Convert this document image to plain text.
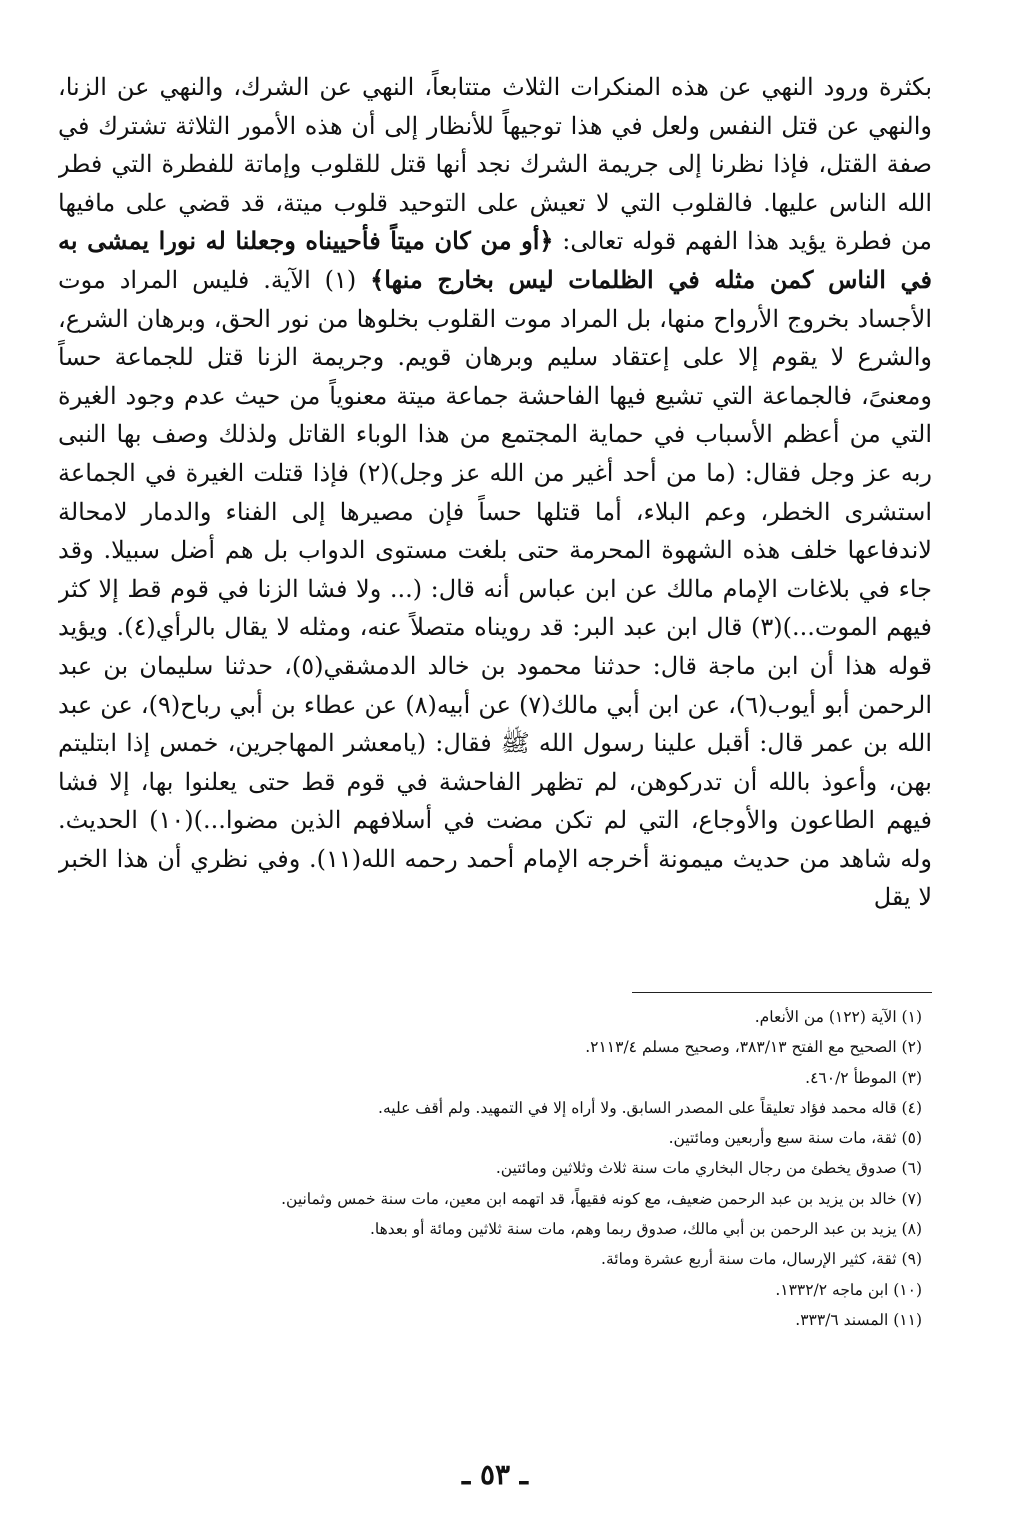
بكثرة ورود النهي عن هذه المنكرات الثلاث متتابعاً، النهي عن الشرك، والنهي عن الزنا، والنهي عن قتل النفس ولعل في هذا توجيهاً للأنظار إلى أن هذه الأمور الثلاثة تشترك في صفة القتل، فإذا نظرنا إلى جريمة الشرك نجد أنها قتل للقلوب وإماتة للفطرة التي فطر الله الناس عليها. فالقلوب التي لا تعيش على التوحيد قلوب ميتة، قد قضي على مافيها من فطرة يؤيد هذا الفهم قوله تعالى: ﴿أو من كان ميتاً فأحييناه وجعلنا له نورا يمشى به في الناس كمن مثله في الظلمات ليس بخارج منها﴾ (١) الآية. فليس المراد موت الأجساد بخروج الأرواح منها، بل المراد موت القلوب بخلوها من نور الحق، وبرهان الشرع، والشرع لا يقوم إلا على إعتقاد سليم وبرهان قويم. وجريمة الزنا قتل للجماعة حساً ومعنىً، فالجماعة التي تشيع فيها الفاحشة جماعة ميتة معنوياً من حيث عدم وجود الغيرة التي من أعظم الأسباب في حماية المجتمع من هذا الوباء القاتل ولذلك وصف بها النبى ربه عز وجل فقال: (ما من أحد أغير من الله عز وجل)(٢) فإذا قتلت الغيرة في الجماعة استشرى الخطر، وعم البلاء، أما قتلها حساً فإن مصيرها إلى الفناء والدمار لامحالة لاندفاعها خلف هذه الشهوة المحرمة حتى بلغت مستوى الدواب بل هم أضل سبيلا. وقد جاء في بلاغات الإمام مالك عن ابن عباس أنه قال: (... ولا فشا الزنا في قوم قط إلا كثر فيهم الموت...)(٣) قال ابن عبد البر: قد رويناه متصلاً عنه، ومثله لا يقال بالرأي(٤). ويؤيد قوله هذا أن ابن ماجة قال: حدثنا محمود بن خالد الدمشقي(٥)، حدثنا سليمان بن عبد الرحمن أبو أيوب(٦)، عن ابن أبي مالك(٧) عن أبيه(٨) عن عطاء بن أبي رباح(٩)، عن عبد الله بن عمر قال: أقبل علينا رسول الله ﷺ فقال: (يامعشر المهاجرين، خمس إذا ابتليتم بهن، وأعوذ بالله أن تدركوهن، لم تظهر الفاحشة في قوم قط حتى يعلنوا بها، إلا فشا فيهم الطاعون والأوجاع، التي لم تكن مضت في أسلافهم الذين مضوا...)(١٠) الحديث. وله شاهد من حديث ميمونة أخرجه الإمام أحمد رحمه الله(١١). وفي نظري أن هذا الخبر لا يقل

(١) الآية (١٢٢) من الأنعام.
(٢) الصحيح مع الفتح ٣٨٣/١٣، وصحيح مسلم ٢١١٣/٤.
(٣) الموطأ ٤٦٠/٢.
(٤) قاله محمد فؤاد تعليقاً على المصدر السابق. ولا أراه إلا في التمهيد. ولم أقف عليه.
(٥) ثقة، مات سنة سبع وأربعين ومائتين.
(٦) صدوق يخطئ من رجال البخاري مات سنة ثلاث وثلاثين ومائتين.
(٧) خالد بن يزيد بن عبد الرحمن ضعيف، مع كونه فقيهاً، قد اتهمه ابن معين، مات سنة خمس وثمانين.
(٨) يزيد بن عبد الرحمن بن أبي مالك، صدوق ربما وهم، مات سنة ثلاثين ومائة أو بعدها.
(٩) ثقة، كثير الإرسال، مات سنة أربع عشرة ومائة.
(١٠) ابن ماجه ١٣٣٢/٢.
(١١) المسند ٣٣٣/٦.
ـ ٥٣ ـ
